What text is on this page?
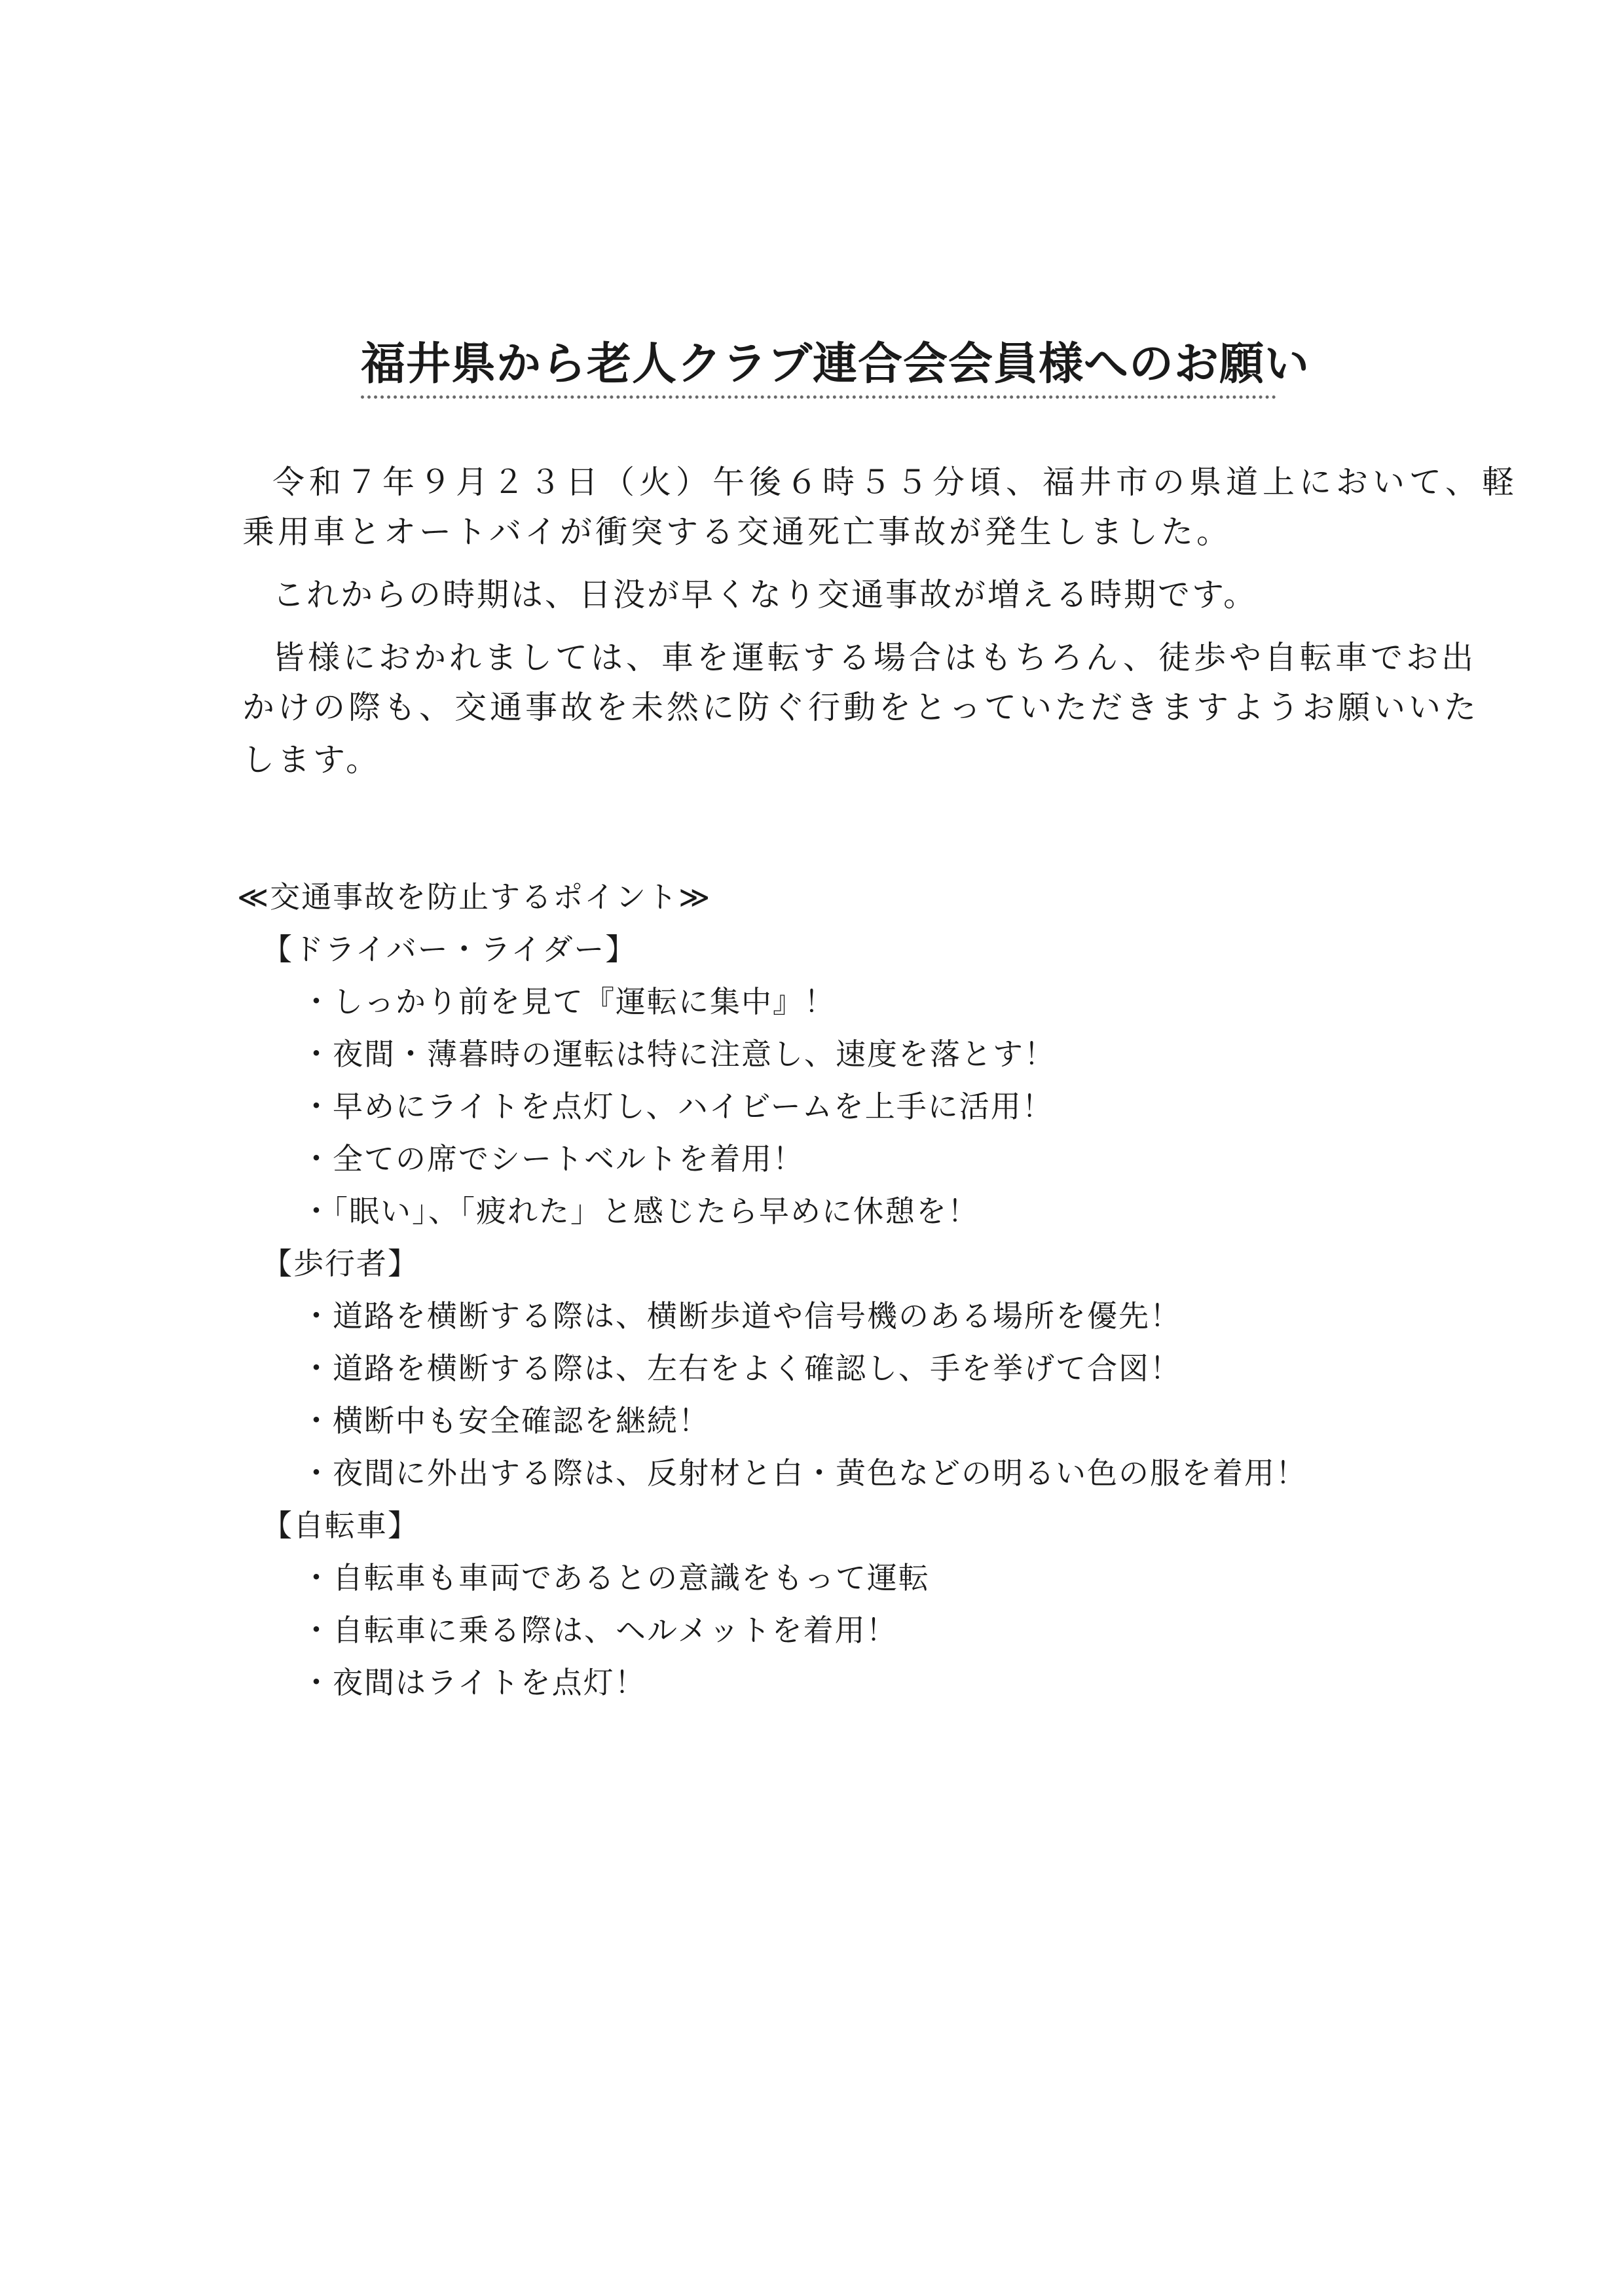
福井県から老人クラブ連合会会員様へのお願い
令和７年９月２３日（火）午後６時５５分頃、福井市の県道上において、軽
乗用車とオートバイが衝突する交通死亡事故が発生しました。
これからの時期は、日没が早くなり交通事故が増える時期です。
皆様におかれましては、車を運転する場合はもちろん、徒歩や自転車でお出
かけの際も、交通事故を未然に防ぐ行動をとっていただきますようお願いいた
します。
≪交通事故を防止するポイント≫
【ドライバー・ライダー】
・しっかり前を見て『運転に集中』！
・夜間・薄暮時の運転は特に注意し、速度を落とす！
・早めにライトを点灯し、ハイビームを上手に活用！
・全ての席でシートベルトを着用！
・「眠い」、「疲れた」と感じたら早めに休憩を！
【歩行者】
・道路を横断する際は、横断歩道や信号機のある場所を優先！
・道路を横断する際は、左右をよく確認し、手を挙げて合図！
・横断中も安全確認を継続！
・夜間に外出する際は、反射材と白・黄色などの明るい色の服を着用！
【自転車】
・自転車も車両であるとの意識をもって運転
・自転車に乗る際は、ヘルメットを着用！
・夜間はライトを点灯！
